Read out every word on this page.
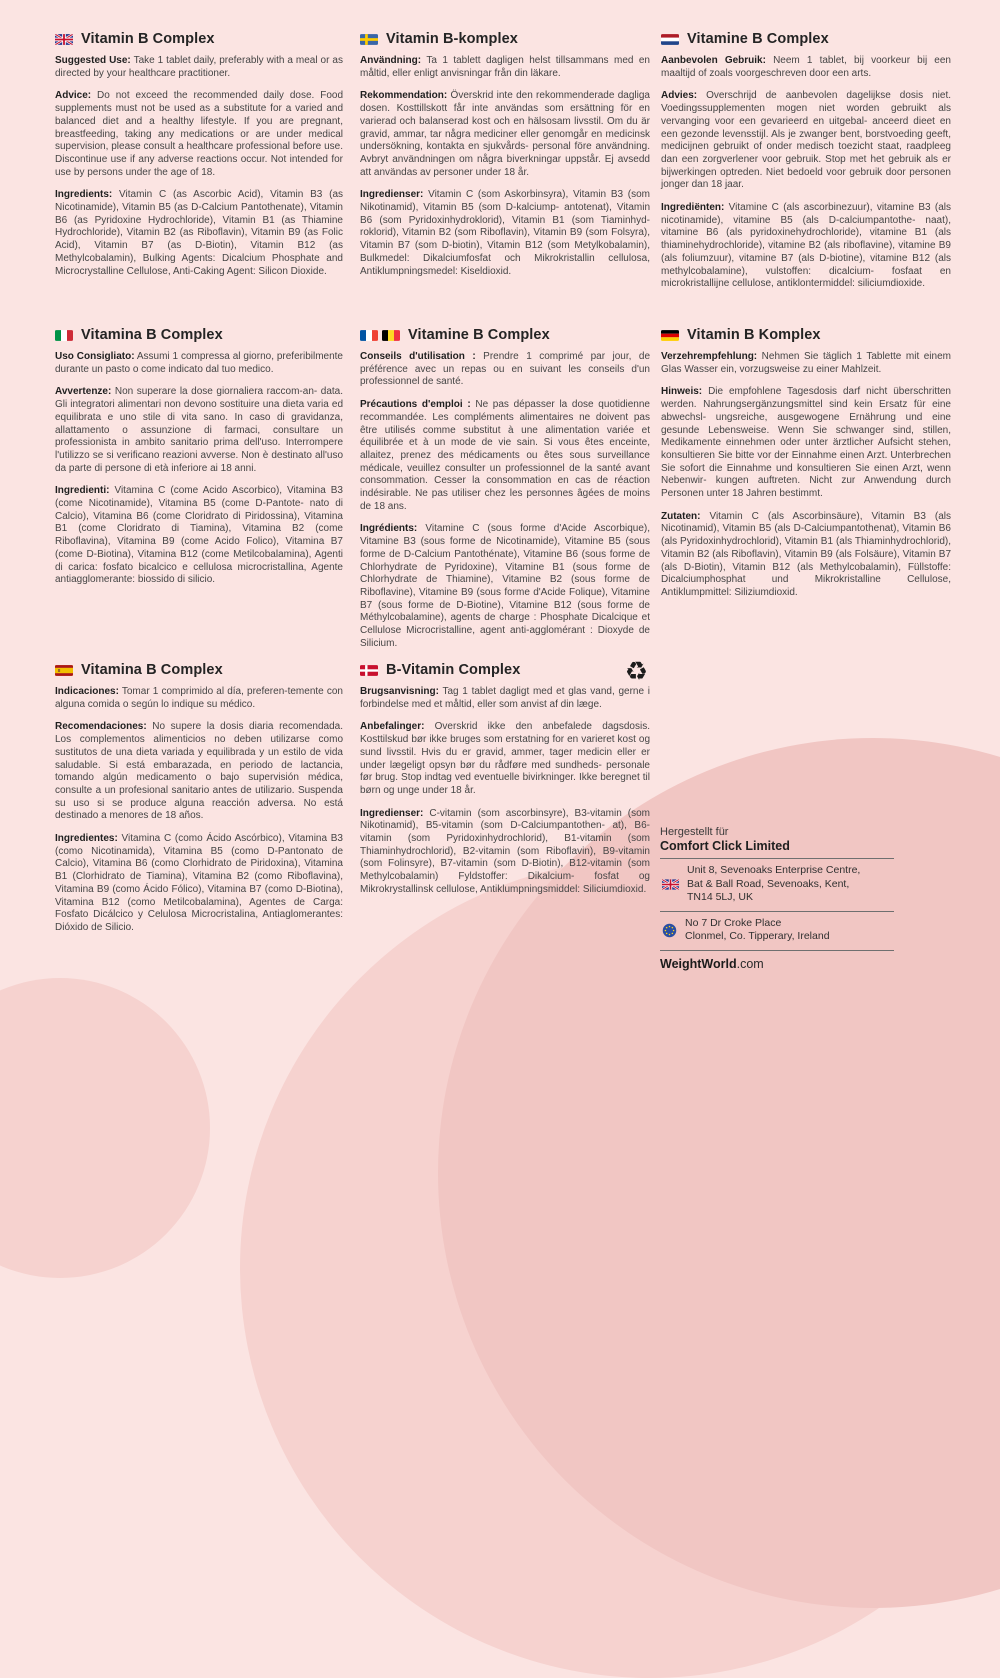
Vitamin B Complex

Suggested Use: Take 1 tablet daily, preferably with a meal or as directed by your healthcare practitioner.

Advice: Do not exceed the recommended daily dose. Food supplements must not be used as a substitute for a varied and balanced diet and a healthy lifestyle. If you are pregnant, breastfeeding, taking any medications or are under medical supervision, please consult a healthcare professional before use. Discontinue use if any adverse reactions occur. Not intended for use by persons under the age of 18.

Ingredients: Vitamin C (as Ascorbic Acid), Vitamin B3 (as Nicotinamide), Vitamin B5 (as D-Calcium Pantothenate), Vitamin B6 (as Pyridoxine Hydrochloride), Vitamin B1 (as Thiamine Hydrochloride), Vitamin B2 (as Riboflavin), Vitamin B9 (as Folic Acid), Vitamin B7 (as D-Biotin), Vitamin B12 (as Methylcobalamin), Bulking Agents: Dicalcium Phosphate and Microcrystalline Cellulose, Anti-Caking Agent: Silicon Dioxide.

Vitamin B-komplex

Användning: Ta 1 tablett dagligen helst tillsammans med en måltid, eller enligt anvisningar från din läkare.

Rekommendation: Överskrid inte den rekommenderade dagliga dosen. Kosttillskott får inte användas som ersättning för en varierad och balanserad kost och en hälsosam livsstil. Om du är gravid, ammar, tar några mediciner eller genomgår en medicinsk undersökning, kontakta en sjukvårds- personal före användning. Avbryt användningen om några biverkningar uppstår. Ej avsedd att användas av personer under 18 år.

Ingredienser: Vitamin C (som Askorbinsyra), Vitamin B3 (som Nikotinamid), Vitamin B5 (som D-kalciump- antotenat), Vitamin B6 (som Pyridoxinhydroklorid), Vitamin B1 (som Tiaminhyd- roklorid), Vitamin B2 (som Riboflavin), Vitamin B9 (som Folsyra), Vitamin B7 (som D-biotin), Vitamin B12 (som Metylkobalamin), Bulkmedel: Dikalciumfosfat och Mikrokristallin cellulosa, Antiklumpningsmedel: Kiseldioxid.

Vitamine B Complex

Aanbevolen Gebruik: Neem 1 tablet, bij voorkeur bij een maaltijd of zoals voorgeschreven door een arts.

Advies: Overschrijd de aanbevolen dagelijkse dosis niet. Voedingssupplementen mogen niet worden gebruikt als vervanging voor een gevarieerd en uitgebal- anceerd dieet en een gezonde levensstijl. Als je zwanger bent, borstvoeding geeft, medicijnen gebruikt of onder medisch toezicht staat, raadpleeg dan een zorgverlener voor gebruik. Stop met het gebruik als er bijwerkingen optreden. Niet bedoeld voor gebruik door personen jonger dan 18 jaar.

Ingrediënten: Vitamine C (als ascorbinezuur), vitamine B3 (als nicotinamide), vitamine B5 (als D-calciumpantothe- naat), vitamine B6 (als pyridoxinehydrochloride), vitamine B1 (als thiaminehydrochloride), vitamine B2 (als riboflavine), vitamine B9 (als foliumzuur), vitamine B7 (als D-biotine), vitamine B12 (als methylcobalamine), vulstoffen: dicalcium- fosfaat en microkristallijne cellulose, antiklontermiddel: siliciumdioxide.

Vitamina B Complex

Uso Consigliato: Assumi 1 compressa al giorno, preferibilmente durante un pasto o come indicato dal tuo medico.

Avvertenze: Non superare la dose giornaliera raccom-an- data. Gli integratori alimentari non devono sostituire una dieta varia ed equilibrata e uno stile di vita sano. In caso di gravidanza, allattamento o assunzione di farmaci, consultare un professionista in ambito sanitario prima dell'uso. Interrompere l'utilizzo se si verificano reazioni avverse. Non è destinato all'uso da parte di persone di età inferiore ai 18 anni.

Ingredienti: Vitamina C (come Acido Ascorbico), Vitamina B3 (come Nicotinamide), Vitamina B5 (come D-Pantote- nato di Calcio), Vitamina B6 (come Cloridrato di Piridossina), Vitamina B1 (come Cloridrato di Tiamina), Vitamina B2 (come Riboflavina), Vitamina B9 (come Acido Folico), Vitamina B7 (come D-Biotina), Vitamina B12 (come Metilcobalamina), Agenti di carica: fosfato bicalcico e cellulosa microcristallina, Agente antiagglomerante: biossido di silicio.

Vitamine B Complex

Conseils d'utilisation : Prendre 1 comprimé par jour, de préférence avec un repas ou en suivant les conseils d'un professionnel de santé.

Précautions d'emploi : Ne pas dépasser la dose quotidienne recommandée. Les compléments alimentaires ne doivent pas être utilisés comme substitut à une alimentation variée et équilibrée et à un mode de vie sain. Si vous êtes enceinte, allaitez, prenez des médicaments ou êtes sous surveillance médicale, veuillez consulter un professionnel de la santé avant consommation. Cesser la consommation en cas de réaction indésirable. Ne pas utiliser chez les personnes âgées de moins de 18 ans.

Ingrédients: Vitamine C (sous forme d'Acide Ascorbique), Vitamine B3 (sous forme de Nicotinamide), Vitamine B5 (sous forme de D-Calcium Pantothénate), Vitamine B6 (sous forme de Chlorhydrate de Pyridoxine), Vitamine B1 (sous forme de Chlorhydrate de Thiamine), Vitamine B2 (sous forme de Riboflavine), Vitamine B9 (sous forme d'Acide Folique), Vitamine B7 (sous forme de D-Biotine), Vitamine B12 (sous forme de Méthylcobalamine), agents de charge : Phosphate Dicalcique et Cellulose Microcristalline, agent anti-agglomérant : Dioxyde de Silicium.

♻
Vitamin B Komplex

Verzehrempfehlung: Nehmen Sie täglich 1 Tablette mit einem Glas Wasser ein, vorzugsweise zu einer Mahlzeit.

Hinweis: Die empfohlene Tagesdosis darf nicht überschritten werden. Nahrungsergänzungsmittel sind kein Ersatz für eine abwechsl- ungsreiche, ausgewogene Ernährung und eine gesunde Lebensweise. Wenn Sie schwanger sind, stillen, Medikamente einnehmen oder unter ärztlicher Aufsicht stehen, konsultieren Sie bitte vor der Einnahme einen Arzt. Unterbrechen Sie sofort die Einnahme und konsultieren Sie einen Arzt, wenn Nebenwir- kungen auftreten. Nicht zur Anwendung durch Personen unter 18 Jahren bestimmt.

Zutaten: Vitamin C (als Ascorbinsäure), Vitamin B3 (als Nicotinamid), Vitamin B5 (als D-Calciumpantothenat), Vitamin B6 (als Pyridoxinhydrochlorid), Vitamin B1 (als Thiaminhydrochlorid), Vitamin B2 (als Riboflavin), Vitamin B9 (als Folsäure), Vitamin B7 (als D-Biotin), Vitamin B12 (als Methylcobalamin), Füllstoffe: Dicalciumphosphat und Mikrokristalline Cellulose, Antiklumpmittel: Siliziumdioxid.

Vitamina B Complex

Indicaciones: Tomar 1 comprimido al día, preferen-temente con alguna comida o según lo indique su médico.

Recomendaciones: No supere la dosis diaria recomendada. Los complementos alimenticios no deben utilizarse como sustitutos de una dieta variada y equilibrada y un estilo de vida saludable. Si está embarazada, en periodo de lactancia, tomando algún medicamento o bajo supervisión médica, consulte a un profesional sanitario antes de utilizario. Suspenda su uso si se produce alguna reacción adversa. No está destinado a menores de 18 años.

Ingredientes: Vitamina C (como Ácido Ascórbico), Vitamina B3 (como Nicotinamida), Vitamina B5 (como D-Pantonato de Calcio), Vitamina B6 (como Clorhidrato de Piridoxina), Vitamina B1 (Clorhidrato de Tiamina), Vitamina B2 (como Riboflavina), Vitamina B9 (como Ácido Fólico), Vitamina B7 (como D-Biotina), Vitamina B12 (como Metilcobalamina), Agentes de Carga: Fosfato Dicálcico y Celulosa Microcristalina, Antiaglomerantes: Dióxido de Silicio.

B-Vitamin Complex

Brugsanvisning: Tag 1 tablet dagligt med et glas vand, gerne i forbindelse med et måltid, eller som anvist af din læge.

Anbefalinger: Overskrid ikke den anbefalede dagsdosis. Kosttilskud bør ikke bruges som erstatning for en varieret kost og sund livsstil. Hvis du er gravid, ammer, tager medicin eller er under lægeligt opsyn bør du rådføre med sundheds- personale før brug. Stop indtag ved eventuelle bivirkninger. Ikke beregnet til børn og unge under 18 år.

Ingredienser: C-vitamin (som ascorbinsyre), B3-vitamin (som Nikotinamid), B5-vitamin (som D-Calciumpantothen- at), B6-vitamin (som Pyridoxinhydrochlorid), B1-vitamin (som Thiaminhydrochlorid), B2-vitamin (som Riboflavin), B9-vitamin (som Folinsyre), B7-vitamin (som D-Biotin), B12-vitamin (som Methylcobalamin) Fyldstoffer: Dikalcium- fosfat og Mikrokrystallinsk cellulose, Antiklumpningsmiddel: Siliciumdioxid.

Hergestellt für
Comfort Click Limited
Unit 8, Sevenoaks Enterprise Centre,
Bat & Ball Road, Sevenoaks, Kent,
TN14 5LJ, UK
No 7 Dr Croke Place
Clonmel, Co. Tipperary, Ireland
WeightWorld.com
